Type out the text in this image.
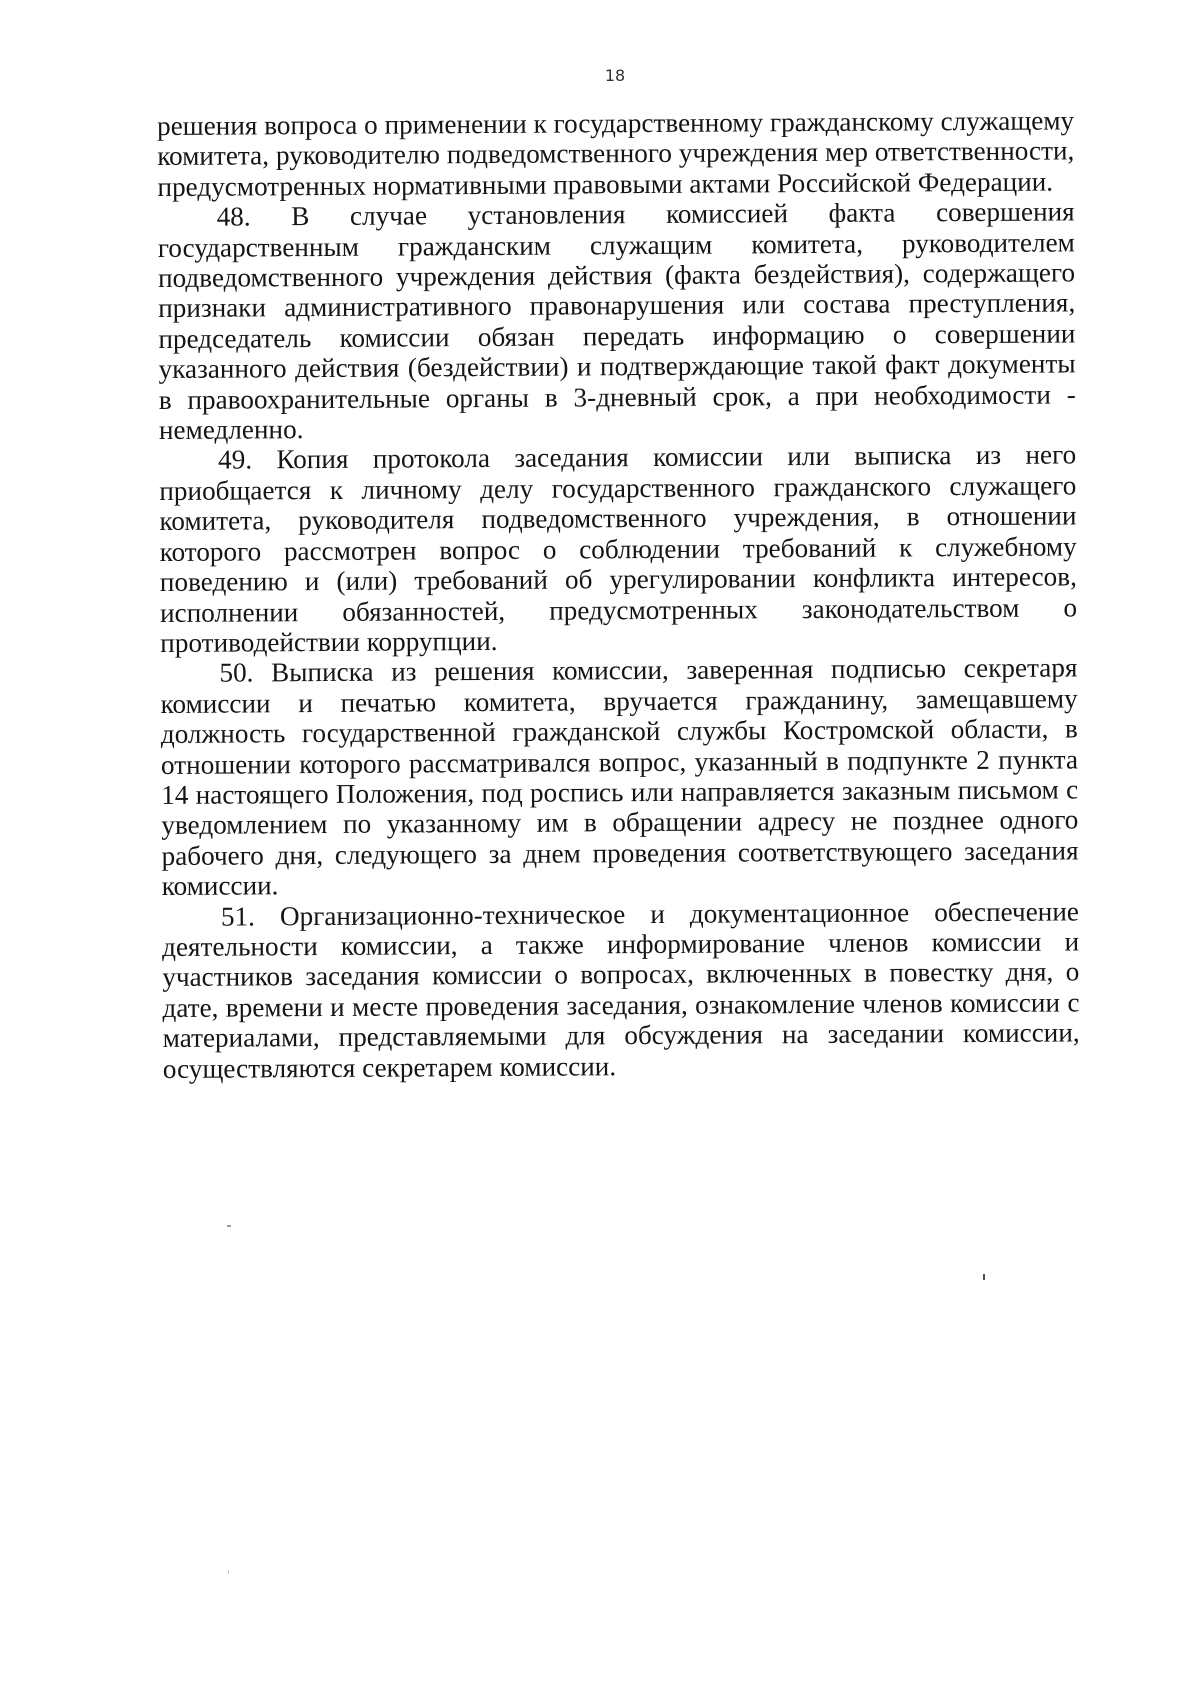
18

решения вопроса о применении к государственному гражданскому служащему комитета, руководителю подведомственного учреждения мер ответственности, предусмотренных нормативными правовыми актами Российской Федерации.

48. В случае установления комиссией факта совершения государственным гражданским служащим комитета, руководителем подведомственного учреждения действия (факта бездействия), содержащего признаки административного правонарушения или состава преступления, председатель комиссии обязан передать информацию о совершении указанного действия (бездействии) и подтверждающие такой факт документы в правоохранительные органы в 3-дневный срок, а при необходимости - немедленно.

49. Копия протокола заседания комиссии или выписка из него приобщается к личному делу государственного гражданского служащего комитета, руководителя подведомственного учреждения, в отношении которого рассмотрен вопрос о соблюдении требований к служебному поведению и (или) требований об урегулировании конфликта интересов, исполнении обязанностей, предусмотренных законодательством о противодействии коррупции.

50. Выписка из решения комиссии, заверенная подписью секретаря комиссии и печатью комитета, вручается гражданину, замещавшему должность государственной гражданской службы Костромской области, в отношении которого рассматривался вопрос, указанный в подпункте 2 пункта 14 настоящего Положения, под роспись или направляется заказным письмом с уведомлением по указанному им в обращении адресу не позднее одного рабочего дня, следующего за днем проведения соответствующего заседания комиссии.

51. Организационно-техническое и документационное обеспечение деятельности комиссии, а также информирование членов комиссии и участников заседания комиссии о вопросах, включенных в повестку дня, о дате, времени и месте проведения заседания, ознакомление членов комиссии с материалами, представляемыми для обсуждения на заседании комиссии, осуществляются секретарем комиссии.
